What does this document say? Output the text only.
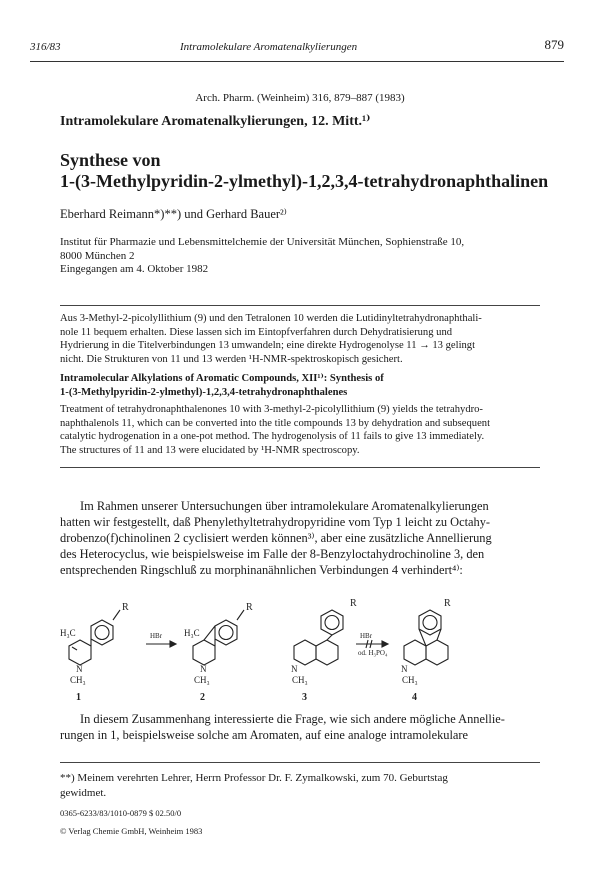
316/83	Intramolekulare Aromatenalkylierungen	879
Arch. Pharm. (Weinheim) 316, 879–887 (1983)
Intramolekulare Aromatenalkylierungen, 12. Mitt.¹⁾
Synthese von
1-(3-Methylpyridin-2-ylmethyl)-1,2,3,4-tetrahydronaphthalinen
Eberhard Reimann*)**) und Gerhard Bauer²⁾
Institut für Pharmazie und Lebensmittelchemie der Universität München, Sophienstraße 10,
8000 München 2
Eingegangen am 4. Oktober 1982
Aus 3-Methyl-2-picolyllithium (9) und den Tetralonen 10 werden die Lutidinyltetrahydronaphthali-
nole 11 bequem erhalten. Diese lassen sich im Eintopfverfahren durch Dehydratisierung und
Hydrierung in die Titelverbindungen 13 umwandeln; eine direkte Hydrogenolyse 11 → 13 gelingt
nicht. Die Strukturen von 11 und 13 werden ¹H-NMR-spektroskopisch gesichert.
Intramolecular Alkylations of Aromatic Compounds, XII¹⁾: Synthesis of
1-(3-Methylpyridin-2-ylmethyl)-1,2,3,4-tetrahydronaphthalenes
Treatment of tetrahydronaphthalenones 10 with 3-methyl-2-picolyllithium (9) yields the tetrahydro-
naphthalenols 11, which can be converted into the title compounds 13 by dehydration and subsequent
catalytic hydrogenation in a one-pot method. The hydrogenolysis of 11 fails to give 13 immediately.
The structures of 11 and 13 were elucidated by ¹H-NMR spectroscopy.
Im Rahmen unserer Untersuchungen über intramolekulare Aromatenalkylierungen
hatten wir festgestellt, daß Phenylethyltetrahydropyridine vom Typ 1 leicht zu Octahy-
drobenzo(f)chinolinen 2 cyclisiert werden können³⁾, aber eine zusätzliche Annellierung
des Heterocyclus, wie beispielsweise im Falle der 8-Benzyloctahydrochinoline 3, den
entsprechenden Ringschluß zu morphinanähnlichen Verbindungen 4 verhindert⁴⁾:
R
H₃C
N
CH₃
1
HBr
R
H₃C
N
CH₃
2
R
N
CH₃
3
HBr
od. H₃PO₄
R
N
CH₃
4
In diesem Zusammenhang interessierte die Frage, wie sich andere mögliche Annellie-
rungen in 1, beispielsweise solche am Aromaten, auf eine analoge intramolekulare
**) Meinem verehrten Lehrer, Herrn Professor Dr. F. Zymalkowski, zum 70. Geburtstag
gewidmet.
0365-6233/83/1010-0879 $ 02.50/0
© Verlag Chemie GmbH, Weinheim 1983
